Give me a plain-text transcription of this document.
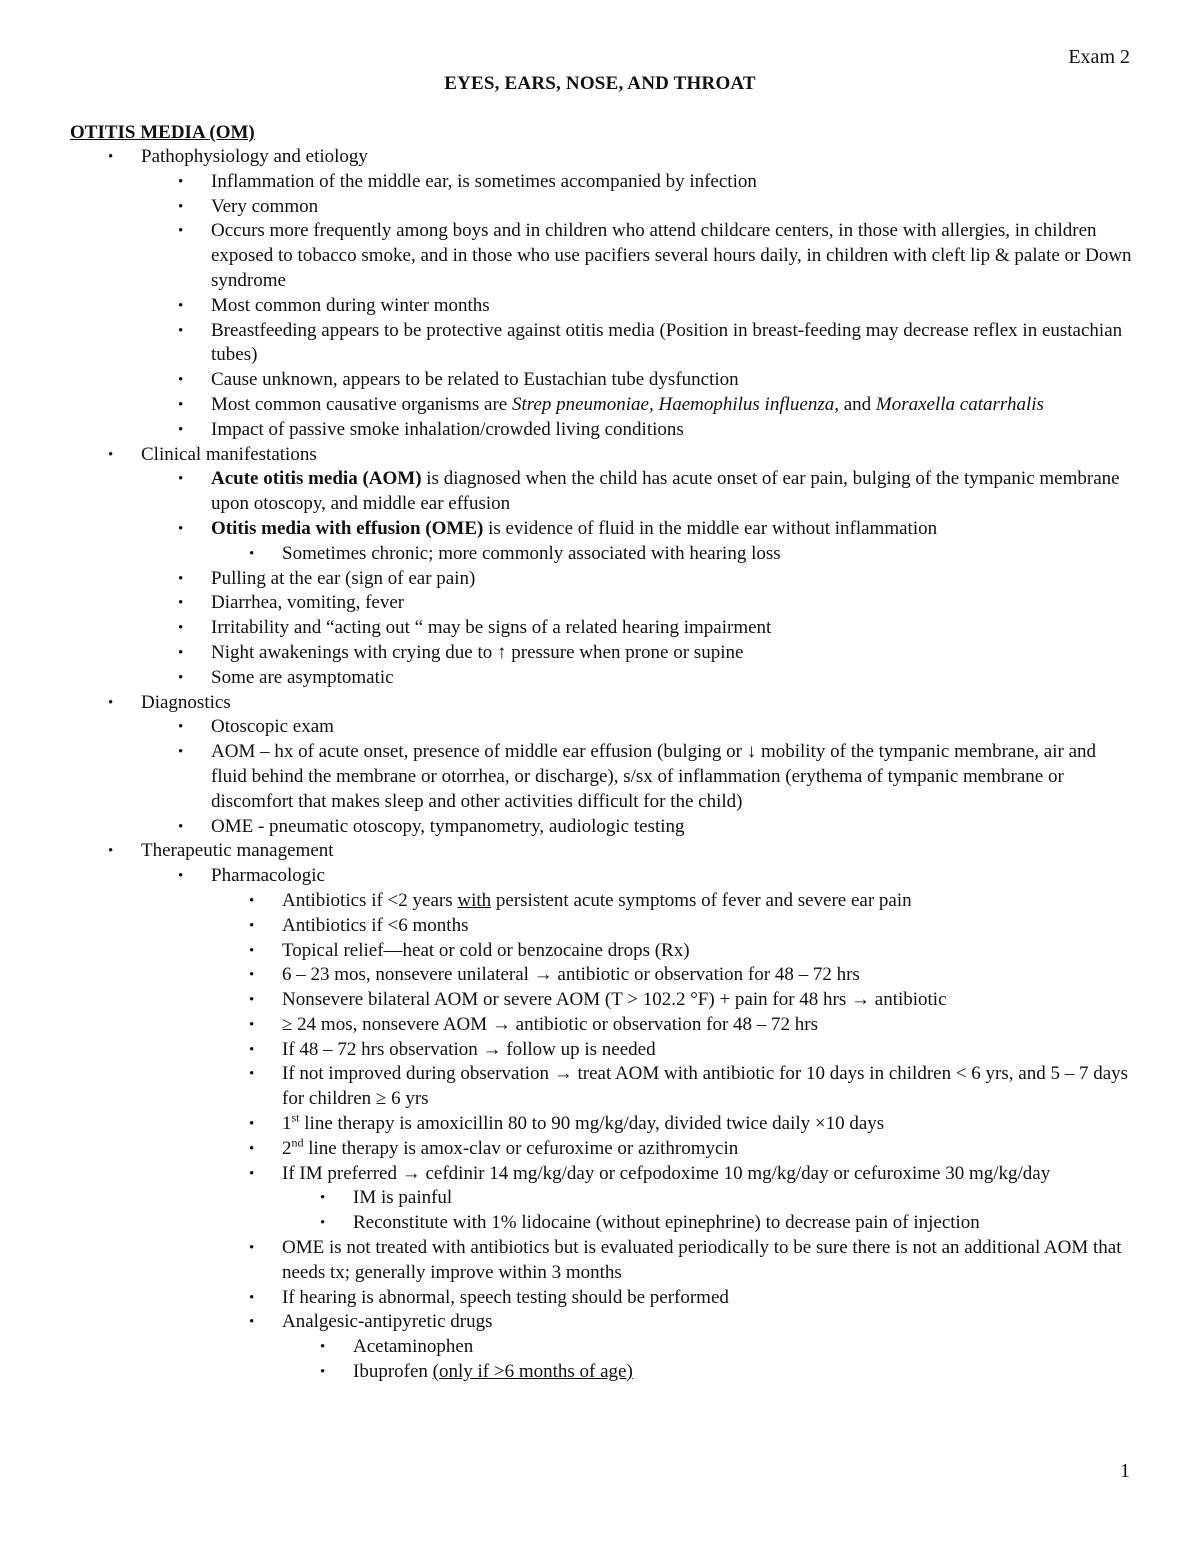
Exam 2
EYES, EARS, NOSE, AND THROAT
OTITIS MEDIA (OM)
• Pathophysiology and etiology
• Inflammation of the middle ear, is sometimes accompanied by infection
• Very common
• Occurs more frequently among boys and in children who attend childcare centers, in those with allergies, in children exposed to tobacco smoke, and in those who use pacifiers several hours daily, in children with cleft lip & palate or Down syndrome
• Most common during winter months
• Breastfeeding appears to be protective against otitis media (Position in breast-feeding may decrease reflex in eustachian tubes)
• Cause unknown, appears to be related to Eustachian tube dysfunction
• Most common causative organisms are Strep pneumoniae, Haemophilus influenza, and Moraxella catarrhalis
• Impact of passive smoke inhalation/crowded living conditions
• Clinical manifestations
• Acute otitis media (AOM) is diagnosed when the child has acute onset of ear pain, bulging of the tympanic membrane upon otoscopy, and middle ear effusion
• Otitis media with effusion (OME) is evidence of fluid in the middle ear without inflammation
• Sometimes chronic; more commonly associated with hearing loss
• Pulling at the ear (sign of ear pain)
• Diarrhea, vomiting, fever
• Irritability and “acting out “ may be signs of a related hearing impairment
• Night awakenings with crying due to ↑ pressure when prone or supine
• Some are asymptomatic
• Diagnostics
• Otoscopic exam
• AOM – hx of acute onset, presence of middle ear effusion (bulging or ↓ mobility of the tympanic membrane, air and fluid behind the membrane or otorrhea, or discharge), s/sx of inflammation (erythema of tympanic membrane or discomfort that makes sleep and other activities difficult for the child)
• OME - pneumatic otoscopy, tympanometry, audiologic testing
• Therapeutic management
• Pharmacologic
• Antibiotics if <2 years with persistent acute symptoms of fever and severe ear pain
• Antibiotics if <6 months
• Topical relief—heat or cold or benzocaine drops (Rx)
• 6 – 23 mos, nonsevere unilateral → antibiotic or observation for 48 – 72 hrs
• Nonsevere bilateral AOM or severe AOM (T > 102.2 °F) + pain for 48 hrs → antibiotic
• ≥ 24 mos, nonsevere AOM → antibiotic or observation for 48 – 72 hrs
• If 48 – 72 hrs observation → follow up is needed
• If not improved during observation → treat AOM with antibiotic for 10 days in children < 6 yrs, and 5 – 7 days for children ≥ 6 yrs
• 1st line therapy is amoxicillin 80 to 90 mg/kg/day, divided twice daily ×10 days
• 2nd line therapy is amox-clav or cefuroxime or azithromycin
• If IM preferred → cefdinir 14 mg/kg/day or cefpodoxime 10 mg/kg/day or cefuroxime 30 mg/kg/day
• IM is painful
• Reconstitute with 1% lidocaine (without epinephrine) to decrease pain of injection
• OME is not treated with antibiotics but is evaluated periodically to be sure there is not an additional AOM that needs tx; generally improve within 3 months
• If hearing is abnormal, speech testing should be performed
• Analgesic-antipyretic drugs
• Acetaminophen
• Ibuprofen (only if >6 months of age)
1
